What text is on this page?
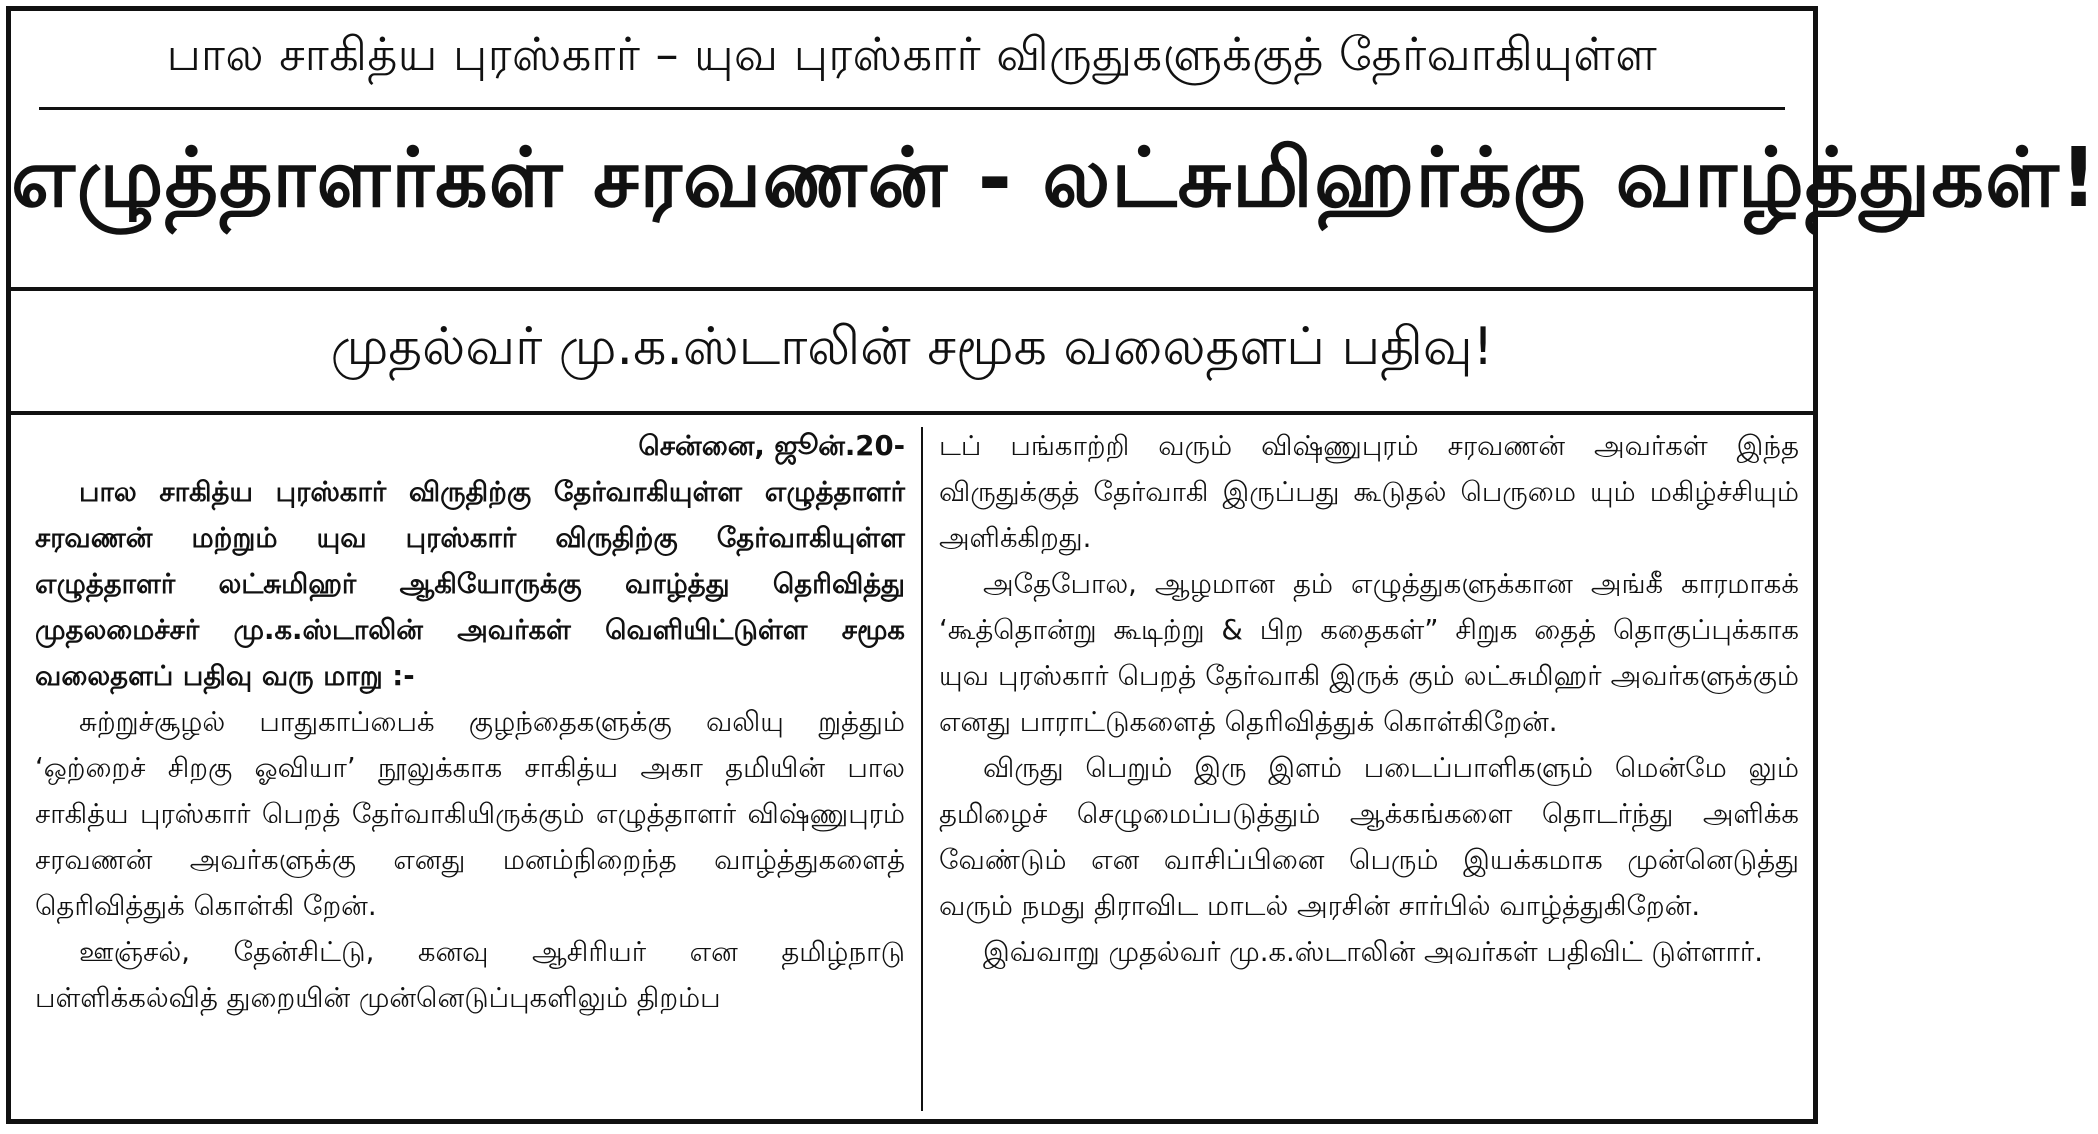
பால சாகித்ய புரஸ்கார் – யுவ புரஸ்கார் விருதுகளுக்குத் தேர்வாகியுள்ள
எழுத்தாளர்கள் சரவணன் - லட்சுமிஹர்க்கு வாழ்த்துகள்!
முதல்வர் மு.க.ஸ்டாலின் சமூக வலைதளப் பதிவு!

சென்னை, ஜூன்.20-

பால சாகித்ய புரஸ்கார் விருதிற்கு தேர்வாகியுள்ள எழுத்தாளர் சரவணன் மற்றும் யுவ புரஸ்கார் விருதிற்கு தேர்வாகியுள்ள எழுத்தாளர் லட்சுமிஹர் ஆகியோருக்கு வாழ்த்து தெரிவித்து முதலமைச்சர் மு.க.ஸ்டாலின் அவர்கள் வெளியிட்டுள்ள சமூக வலைதளப் பதிவு வரு மாறு :-

சுற்றுச்சூழல் பாதுகாப்பைக் குழந்தைகளுக்கு வலியு றுத்தும் ‘ஒற்றைச் சிறகு ஓவியா’ நூலுக்காக சாகித்ய அகா தமியின் பால சாகித்ய புரஸ்கார் பெறத் தேர்வாகியிருக்கும் எழுத்தாளர் விஷ்ணுபுரம் சரவணன் அவர்களுக்கு எனது மனம்நிறைந்த வாழ்த்துகளைத் தெரிவித்துக் கொள்கி றேன்.

ஊஞ்சல், தேன்சிட்டு, கனவு ஆசிரியர் என தமிழ்நாடு பள்ளிக்கல்வித் துறையின் முன்னெடுப்புகளிலும் திறம்ப

டப் பங்காற்றி வரும் விஷ்ணுபுரம் சரவணன் அவர்கள் இந்த விருதுக்குத் தேர்வாகி இருப்பது கூடுதல் பெருமை யும் மகிழ்ச்சியும் அளிக்கிறது.

அதேபோல, ஆழமான தம் எழுத்துகளுக்கான அங்கீ காரமாகக் ‘கூத்தொன்று கூடிற்று & பிற கதைகள்” சிறுக தைத் தொகுப்புக்காக யுவ புரஸ்கார் பெறத் தேர்வாகி இருக் கும் லட்சுமிஹர் அவர்களுக்கும் எனது பாராட்டுகளைத் தெரிவித்துக் கொள்கிறேன்.

விருது பெறும் இரு இளம் படைப்பாளிகளும் மென்மே லும் தமிழைச் செழுமைப்படுத்தும் ஆக்கங்களை தொடர்ந்து அளிக்க வேண்டும் என வாசிப்பினை பெரும் இயக்கமாக முன்னெடுத்து வரும் நமது திராவிட மாடல் அரசின் சார்பில் வாழ்த்துகிறேன்.

இவ்வாறு முதல்வர் மு.க.ஸ்டாலின் அவர்கள் பதிவிட் டுள்ளார்.
